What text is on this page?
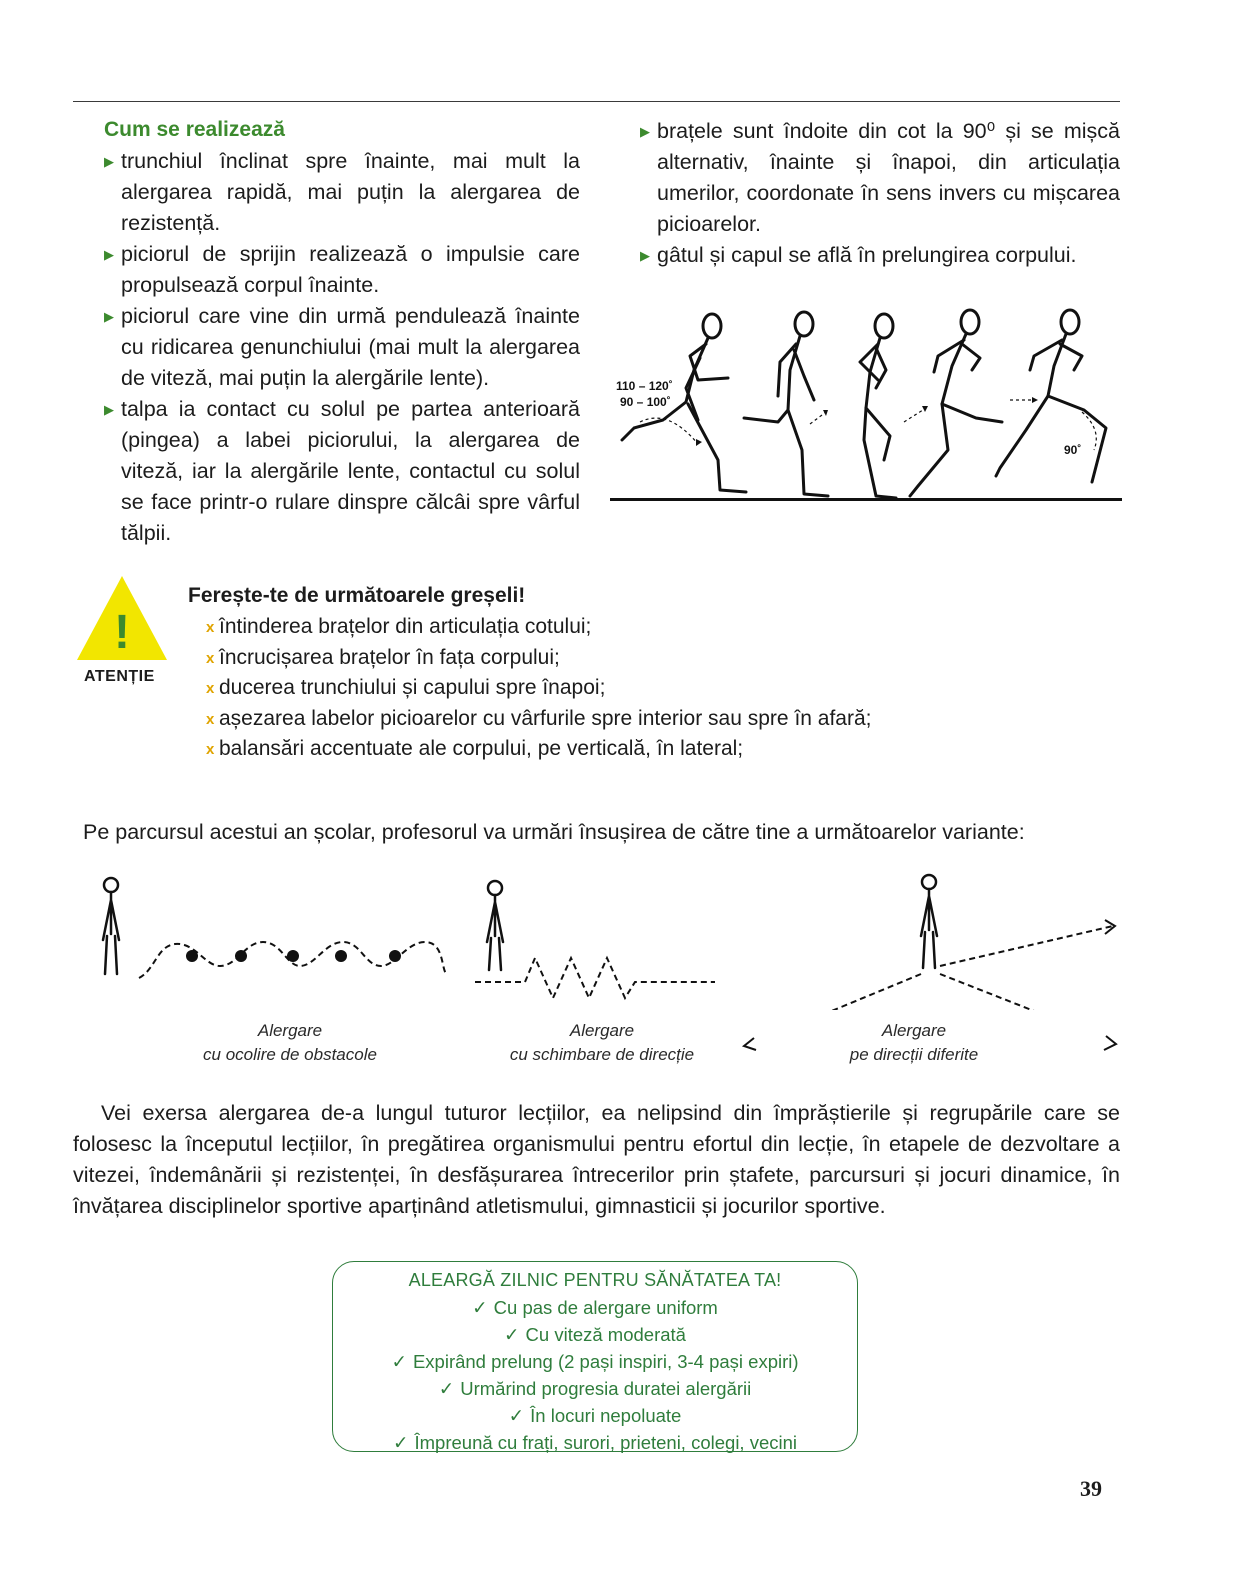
Cum se realizează
▶ trunchiul înclinat spre înainte, mai mult la alergarea rapidă, mai puțin la alergarea de rezistență.
▶ piciorul de sprijin realizează o impulsie care propulsează corpul înainte.
▶ piciorul care vine din urmă pendulează înainte cu ridicarea genunchiului (mai mult la alergarea de viteză, mai puțin la alergările lente).
▶ talpa ia contact cu solul pe partea anterioară (pingea) a labei piciorului, la alergarea de viteză, iar la alergările lente, contactul cu solul se face printr-o rulare dinspre călcâi spre vârful tălpii.
▶ brațele sunt îndoite din cot la 90⁰ și se mișcă alternativ, înainte și înapoi, din articulația umerilor, coordonate în sens invers cu mișcarea picioarelor.
▶ gâtul și capul se află în prelungirea corpului.
110 – 120˚
90 – 100˚
90˚
!
ATENȚIE
Ferește-te de următoarele greșeli!
x întinderea brațelor din articulația cotului;
x încrucișarea brațelor în fața corpului;
x ducerea trunchiului și capului spre înapoi;
x așezarea labelor picioarelor cu vârfurile spre interior sau spre în afară;
x balansări accentuate ale corpului, pe verticală, în lateral;
Pe parcursul acestui an școlar, profesorul va urmări însușirea de către tine a următoarelor variante:
Alergare
cu ocolire de obstacole
Alergare
cu schimbare de direcție
Alergare
pe direcții diferite
Vei exersa alergarea de-a lungul tuturor lecțiilor, ea nelipsind din împrăștierile și regrupările care se folosesc la începutul lecțiilor, în pregătirea organismului pentru efortul din lecție, în etapele de dezvoltare a vitezei, îndemânării și rezistenței, în desfășurarea întrecerilor prin ștafete, parcursuri și jocuri dinamice, în învățarea disciplinelor sportive aparținând atletismului, gimnasticii și jocurilor sportive.
ALEARGĂ ZILNIC PENTRU SĂNĂTATEA TA!
✓ Cu pas de alergare uniform
✓ Cu viteză moderată
✓ Expirând prelung (2 pași inspiri, 3-4 pași expiri)
✓ Urmărind progresia duratei alergării
✓ În locuri nepoluate
✓ Împreună cu frați, surori, prieteni, colegi, vecini
39
